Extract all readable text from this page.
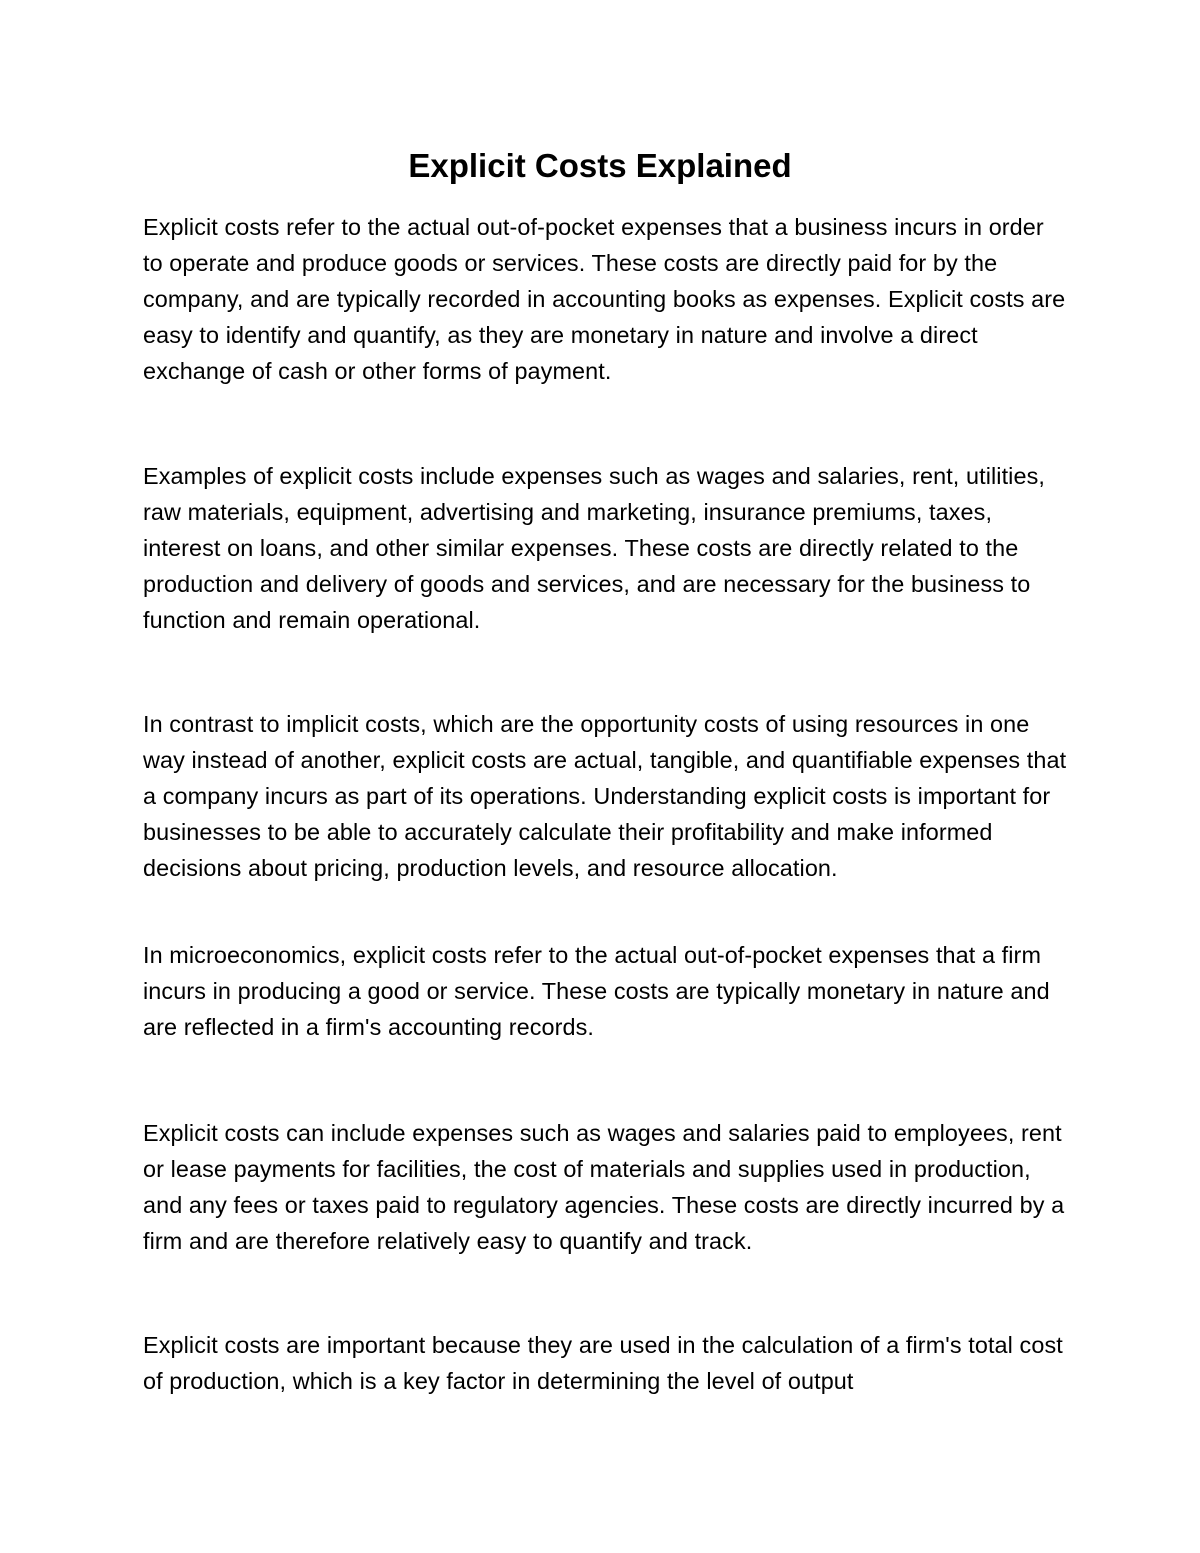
Explicit Costs Explained

Explicit costs refer to the actual out-of-pocket expenses that a business incurs in order to operate and produce goods or services. These costs are directly paid for by the company, and are typically recorded in accounting books as expenses. Explicit costs are easy to identify and quantify, as they are monetary in nature and involve a direct exchange of cash or other forms of payment.

Examples of explicit costs include expenses such as wages and salaries, rent, utilities, raw materials, equipment, advertising and marketing, insurance premiums, taxes, interest on loans, and other similar expenses. These costs are directly related to the production and delivery of goods and services, and are necessary for the business to function and remain operational.

In contrast to implicit costs, which are the opportunity costs of using resources in one way instead of another, explicit costs are actual, tangible, and quantifiable expenses that a company incurs as part of its operations. Understanding explicit costs is important for businesses to be able to accurately calculate their profitability and make informed decisions about pricing, production levels, and resource allocation.

In microeconomics, explicit costs refer to the actual out-of-pocket expenses that a firm incurs in producing a good or service. These costs are typically monetary in nature and are reflected in a firm's accounting records.

Explicit costs can include expenses such as wages and salaries paid to employees, rent or lease payments for facilities, the cost of materials and supplies used in production, and any fees or taxes paid to regulatory agencies. These costs are directly incurred by a firm and are therefore relatively easy to quantify and track.

Explicit costs are important because they are used in the calculation of a firm's total cost of production, which is a key factor in determining the level of output
